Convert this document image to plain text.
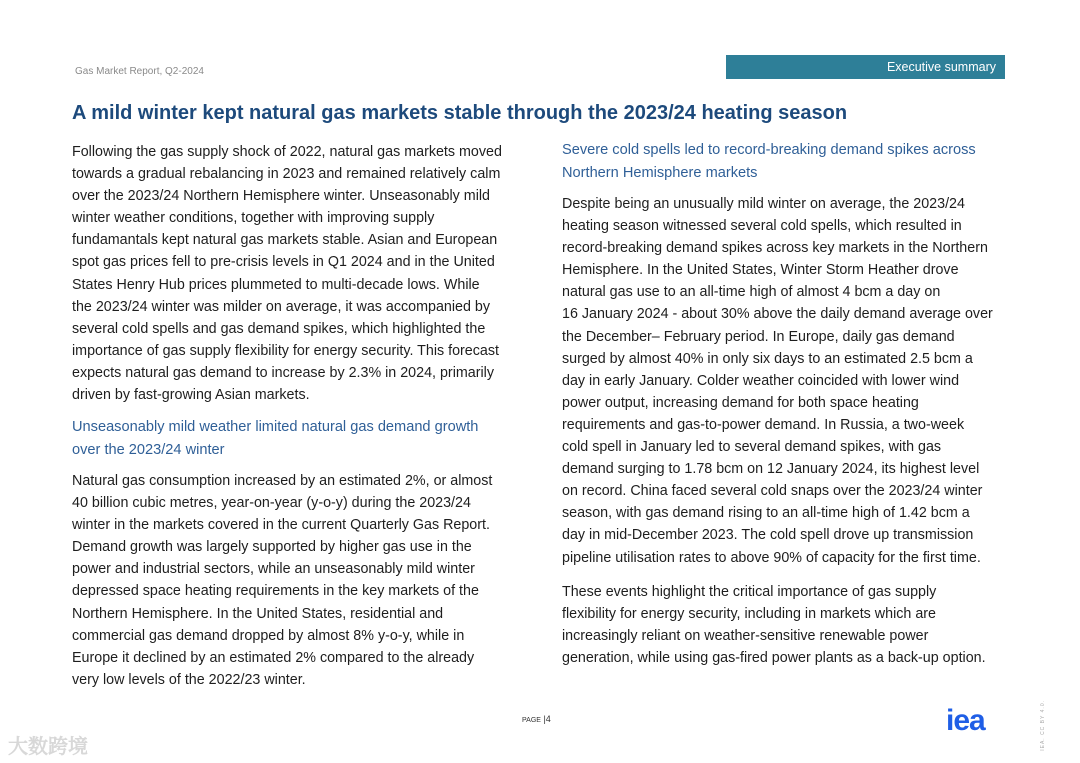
Gas Market Report, Q2-2024	Executive summary
A mild winter kept natural gas markets stable through the 2023/24 heating season
Following the gas supply shock of 2022, natural gas markets moved
towards a gradual rebalancing in 2023 and remained relatively calm
over the 2023/24 Northern Hemisphere winter. Unseasonably mild
winter weather conditions, together with improving supply
fundamantals kept natural gas markets stable. Asian and European
spot gas prices fell to pre-crisis levels in Q1 2024 and in the United
States Henry Hub prices plummeted to multi-decade lows. While
the 2023/24 winter was milder on average, it was accompanied by
several cold spells and gas demand spikes, which highlighted the
importance of gas supply flexibility for energy security. This forecast
expects natural gas demand to increase by 2.3% in 2024, primarily
driven by fast-growing Asian markets.
Unseasonably mild weather limited natural gas demand growth
over the 2023/24 winter
Natural gas consumption increased by an estimated 2%, or almost
40 billion cubic metres, year-on-year (y-o-y) during the 2023/24
winter in the markets covered in the current Quarterly Gas Report.
Demand growth was largely supported by higher gas use in the
power and industrial sectors, while an unseasonably mild winter
depressed space heating requirements in the key markets of the
Northern Hemisphere. In the United States, residential and
commercial gas demand dropped by almost 8% y-o-y, while in
Europe it declined by an estimated 2% compared to the already
very low levels of the 2022/23 winter.
Severe cold spells led to record-breaking demand spikes across
Northern Hemisphere markets
Despite being an unusually mild winter on average, the 2023/24
heating season witnessed several cold spells, which resulted in
record-breaking demand spikes across key markets in the Northern
Hemisphere. In the United States, Winter Storm Heather drove
natural gas use to an all-time high of almost 4 bcm a day on
16 January 2024 - about 30% above the daily demand average over
the December– February period. In Europe, daily gas demand
surged by almost 40% in only six days to an estimated 2.5 bcm a
day in early January. Colder weather coincided with lower wind
power output, increasing demand for both space heating
requirements and gas-to-power demand. In Russia, a two-week
cold spell in January led to several demand spikes, with gas
demand surging to 1.78 bcm on 12 January 2024, its highest level
on record. China faced several cold snaps over the 2023/24 winter
season, with gas demand rising to an all-time high of 1.42 bcm a
day in mid-December 2023. The cold spell drove up transmission
pipeline utilisation rates to above 90% of capacity for the first time.
These events highlight the critical importance of gas supply
flexibility for energy security, including in markets which are
increasingly reliant on weather-sensitive renewable power
generation, while using gas-fired power plants as a back-up option.
PAGE |4	iea	IEA. CC BY 4.0.
大数跨境
